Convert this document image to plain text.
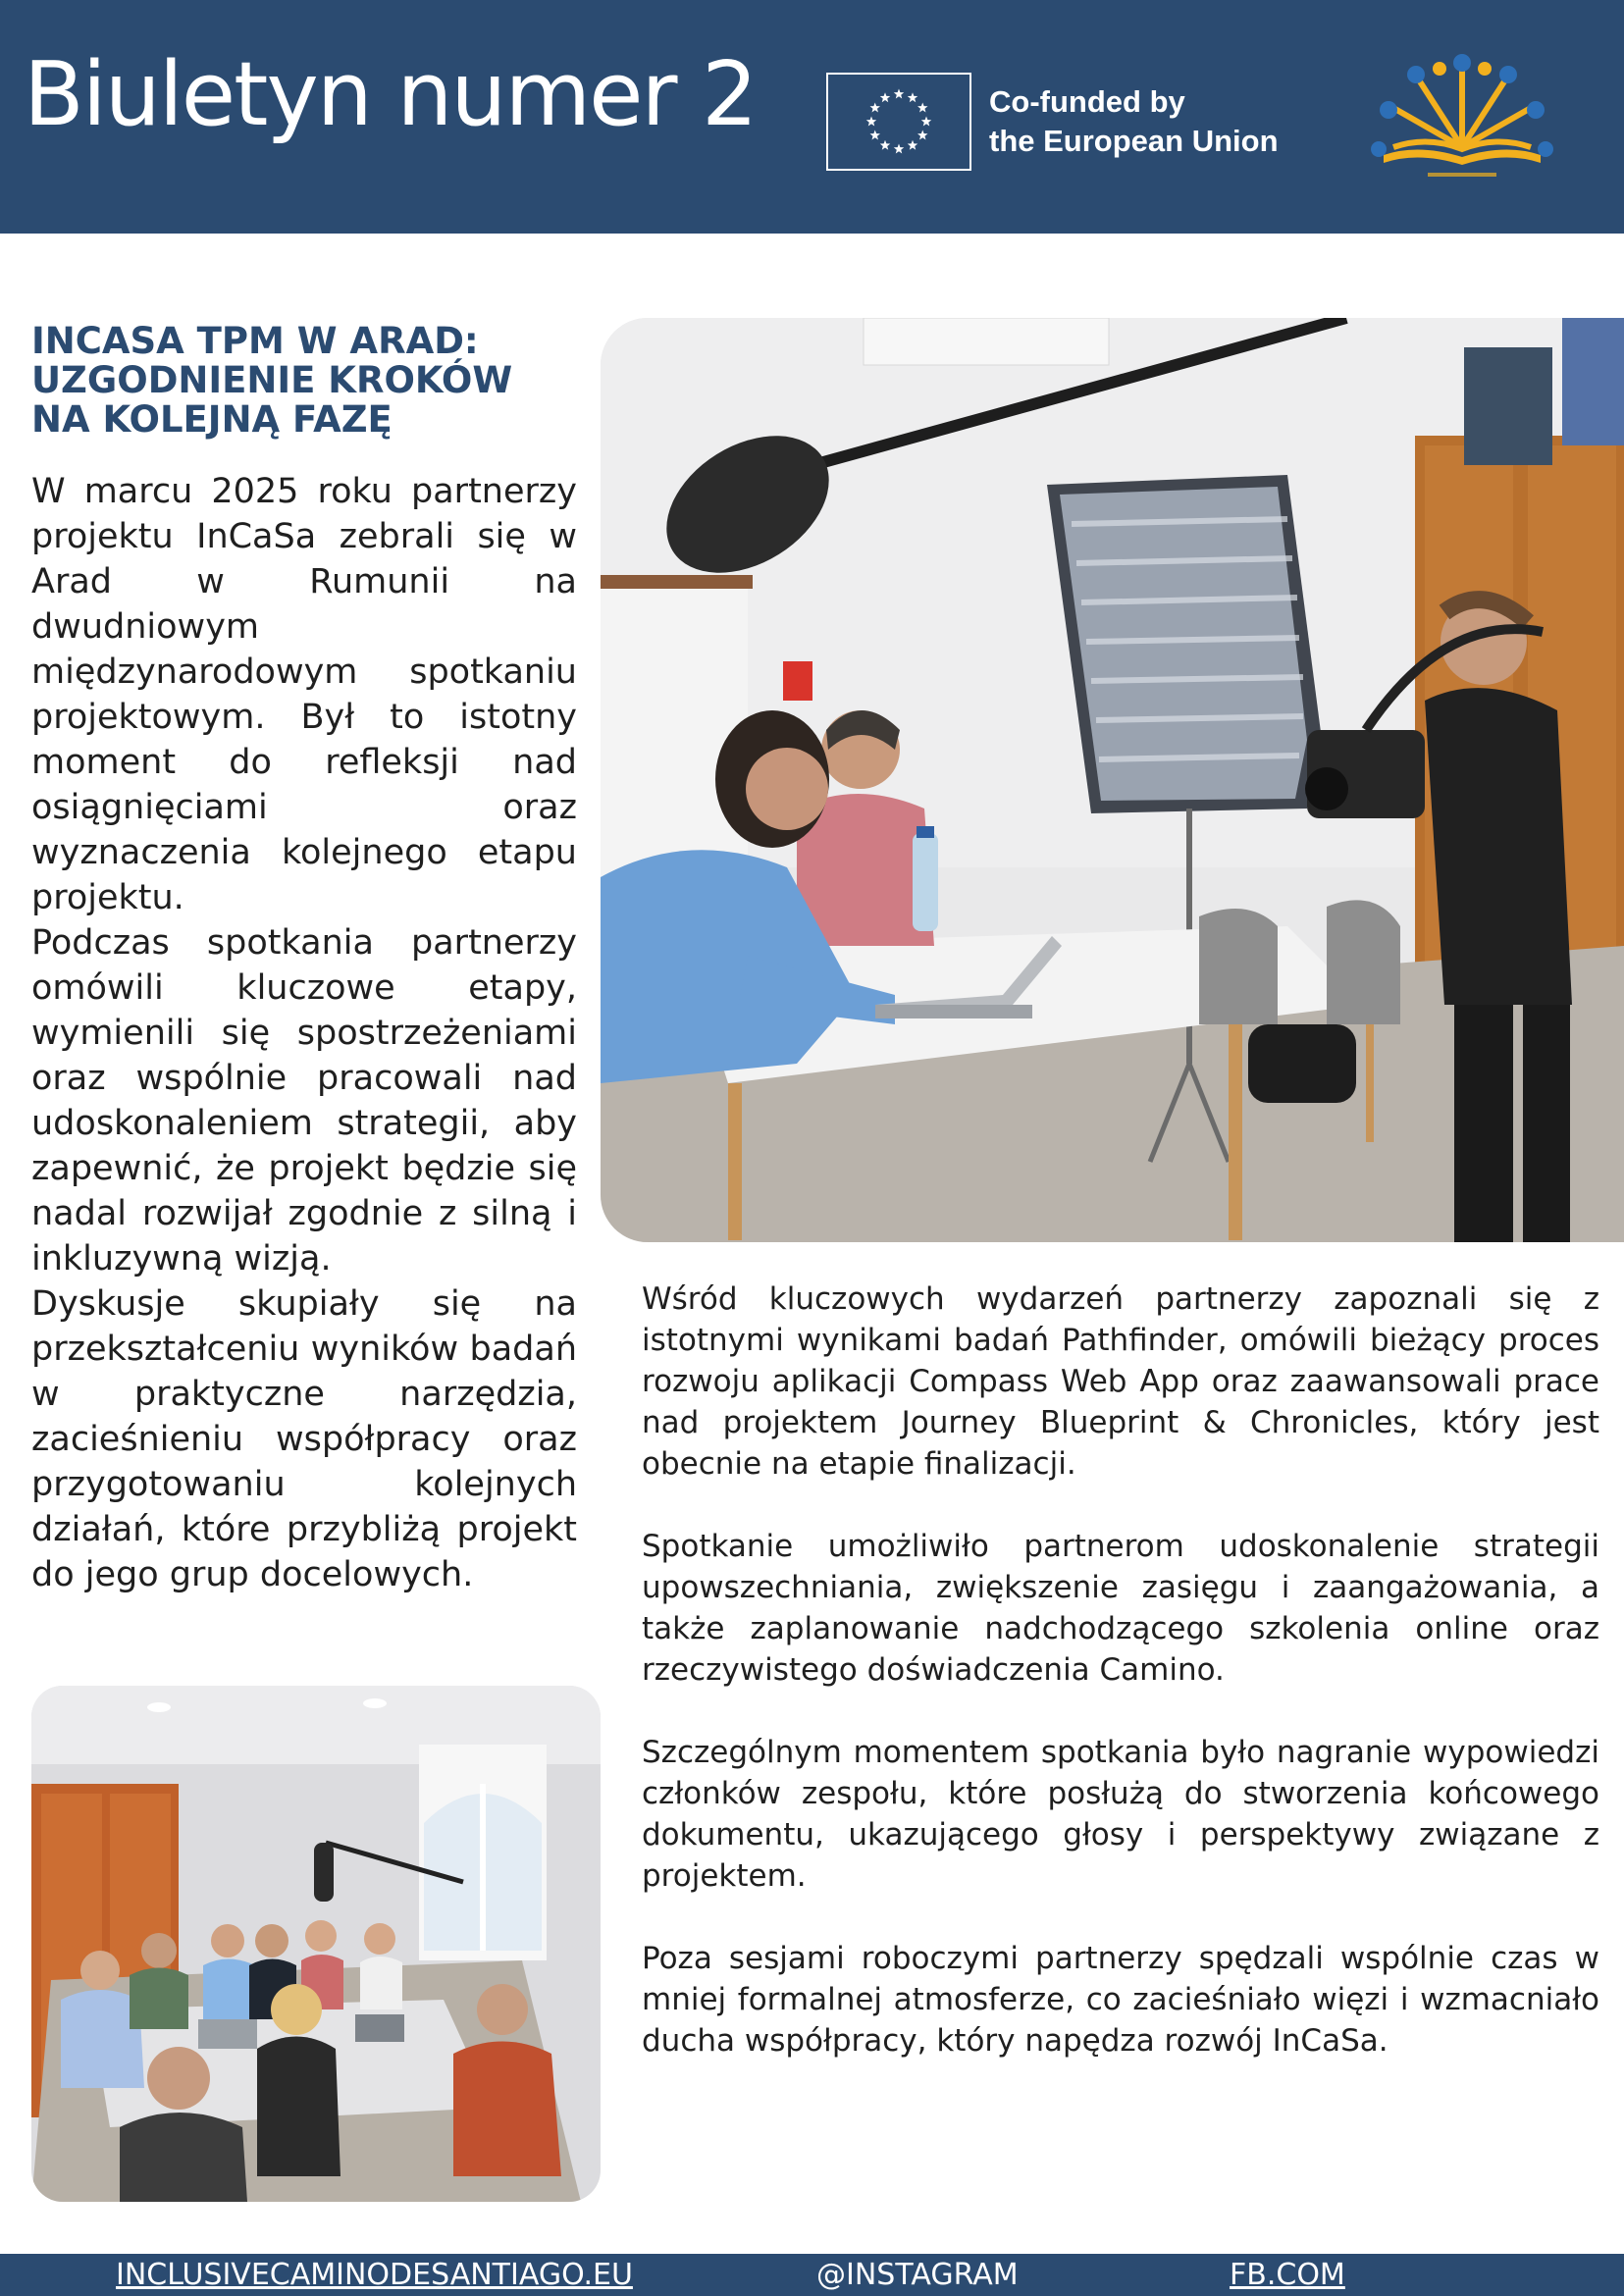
Biuletyn numer 2	Co-funded by
the European Union
INCASA TPM W ARAD:
UZGODNIENIE KROKÓW
NA KOLEJNĄ FAZĘ

W marcu 2025 roku partnerzy projektu InCaSa zebrali się w Arad w Rumunii na dwudniowym międzynarodowym spotkaniu projektowym. Był to istotny moment do refleksji nad osiągnięciami oraz wyznaczenia kolejnego etapu projektu.

Podczas spotkania partnerzy omówili kluczowe etapy, wymienili się spostrzeżeniami oraz wspólnie pracowali nad udoskonaleniem strategii, aby zapewnić, że projekt będzie się nadal rozwijał zgodnie z silną i inkluzywną wizją.

Dyskusje skupiały się na przekształceniu wyników badań w praktyczne narzędzia, zacieśnieniu współpracy oraz przygotowaniu kolejnych działań, które przybliżą projekt do jego grup docelowych.

Wśród kluczowych wydarzeń partnerzy zapoznali się z istotnymi wynikami badań Pathfinder, omówili bieżący proces rozwoju aplikacji Compass Web App oraz zaawansowali prace nad projektem Journey Blueprint & Chronicles, który jest obecnie na etapie finalizacji.

Spotkanie umożliwiło partnerom udoskonalenie strategii upowszechniania, zwiększenie zasięgu i zaangażowania, a także zaplanowanie nadchodzącego szkolenia online oraz rzeczywistego doświadczenia Camino.

Szczególnym momentem spotkania było nagranie wypowiedzi członków zespołu, które posłużą do stworzenia końcowego dokumentu, ukazującego głosy i perspektywy związane z projektem.

Poza sesjami roboczymi partnerzy spędzali wspólnie czas w mniej formalnej atmosferze, co zacieśniało więzi i wzmacniało ducha współpracy, który napędza rozwój InCaSa.

INCLUSIVECAMINODESANTIAGO.EU	@INSTAGRAM	FB.COM
